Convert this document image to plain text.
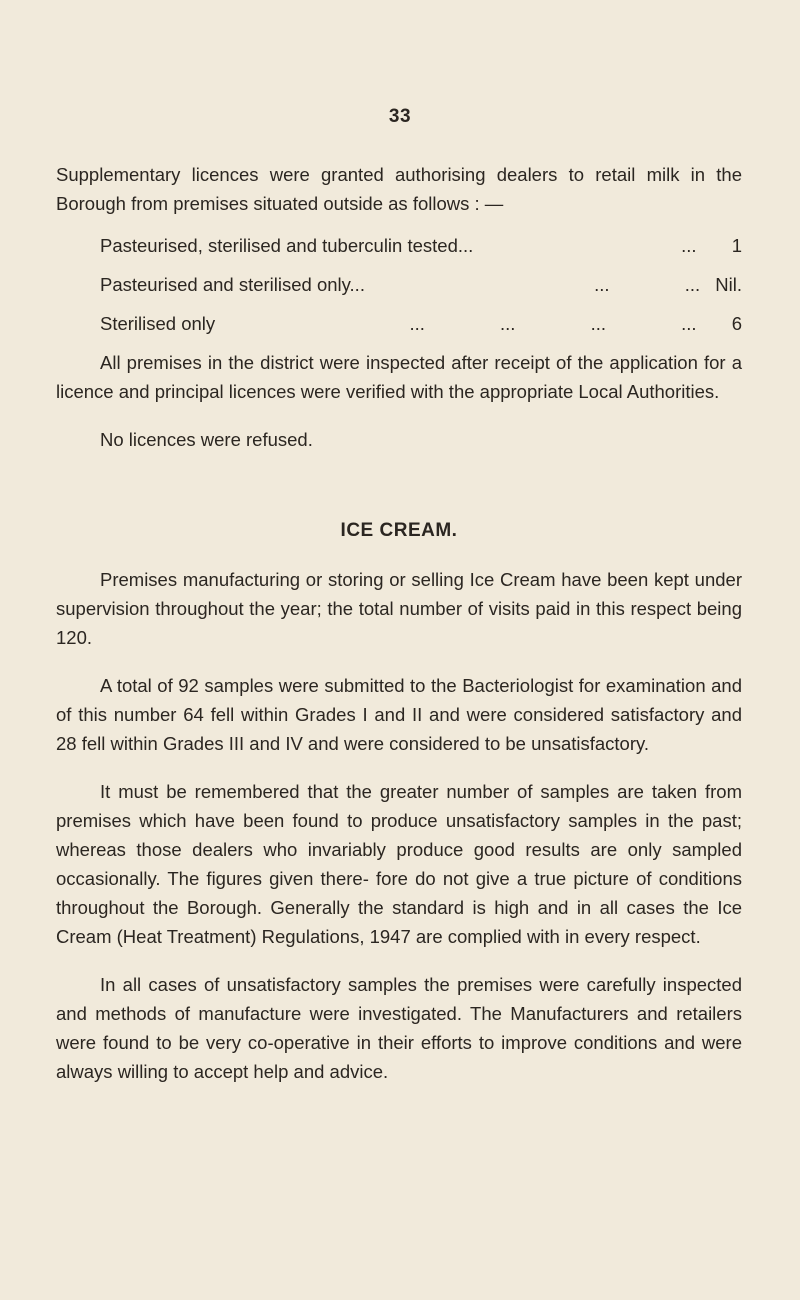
33

Supplementary licences were granted authorising dealers to retail milk in the Borough from premises situated outside as follows : —

Pasteurised, sterilised and tuberculin tested...	... 1
Pasteurised and sterilised only...	... ... Nil.
Sterilised only	... ... ... ... 6

All premises in the district were inspected after receipt of the application for a licence and principal licences were verified with the appropriate Local Authorities.

No licences were refused.

ICE CREAM.

Premises manufacturing or storing or selling Ice Cream have been kept under supervision throughout the year; the total number of visits paid in this respect being 120.

A total of 92 samples were submitted to the Bacteriologist for examination and of this number 64 fell within Grades I and II and were considered satisfactory and 28 fell within Grades III and IV and were considered to be unsatisfactory.

It must be remembered that the greater number of samples are taken from premises which have been found to produce unsatisfactory samples in the past; whereas those dealers who invariably produce good results are only sampled occasionally. The figures given there- fore do not give a true picture of conditions throughout the Borough. Generally the standard is high and in all cases the Ice Cream (Heat Treatment) Regulations, 1947 are complied with in every respect.

In all cases of unsatisfactory samples the premises were carefully inspected and methods of manufacture were investigated. The Manufacturers and retailers were found to be very co-operative in their efforts to improve conditions and were always willing to accept help and advice.
